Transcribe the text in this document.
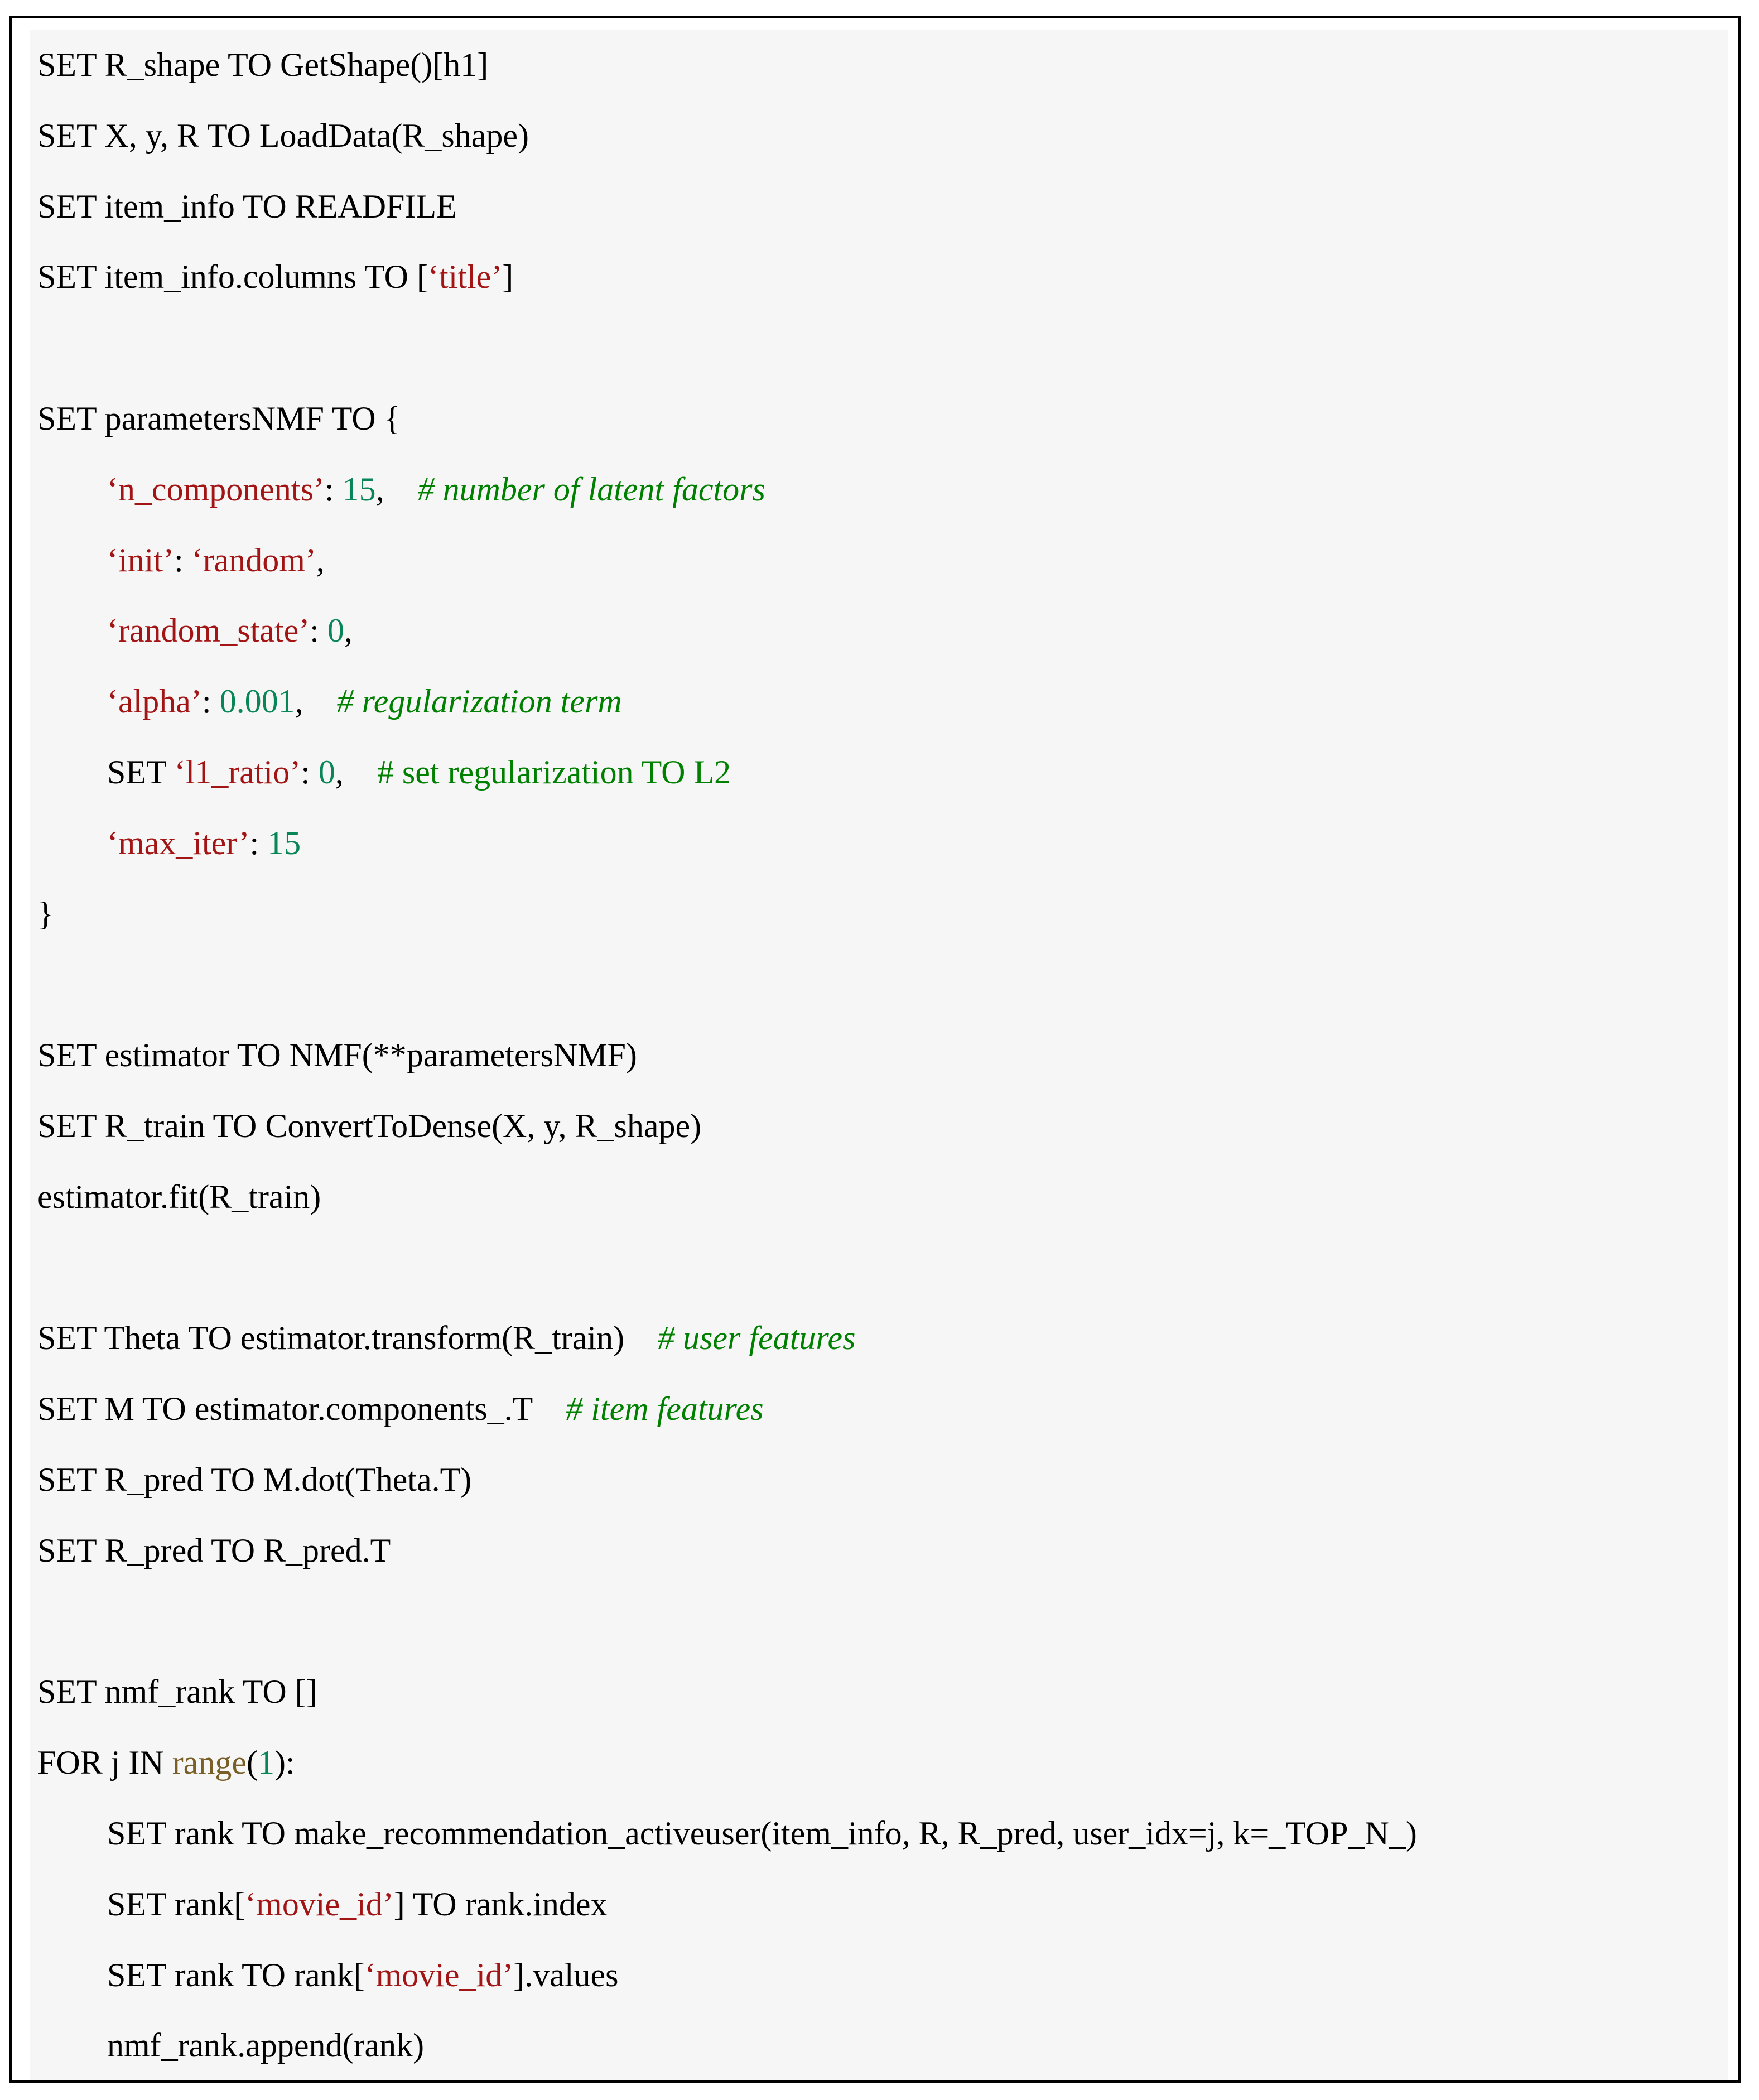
SET R_shape TO GetShape()[h1]
SET X, y, R TO LoadData(R_shape)
SET item_info TO READFILE
SET item_info.columns TO [‘title’]
SET parametersNMF TO {
‘n_components’: 15,    # number of latent factors
‘init’: ‘random’,
‘random_state’: 0,
‘alpha’: 0.001,    # regularization term
SET ‘l1_ratio’: 0,    # set regularization TO L2
‘max_iter’: 15
}
SET estimator TO NMF(**parametersNMF)
SET R_train TO ConvertToDense(X, y, R_shape)
estimator.fit(R_train)
SET Theta TO estimator.transform(R_train)    # user features
SET M TO estimator.components_.T    # item features
SET R_pred TO M.dot(Theta.T)
SET R_pred TO R_pred.T
SET nmf_rank TO []
FOR j IN range(1):
SET rank TO make_recommendation_activeuser(item_info, R, R_pred, user_idx=j, k=_TOP_N_)
SET rank[‘movie_id’] TO rank.index
SET rank TO rank[‘movie_id’].values
nmf_rank.append(rank)
